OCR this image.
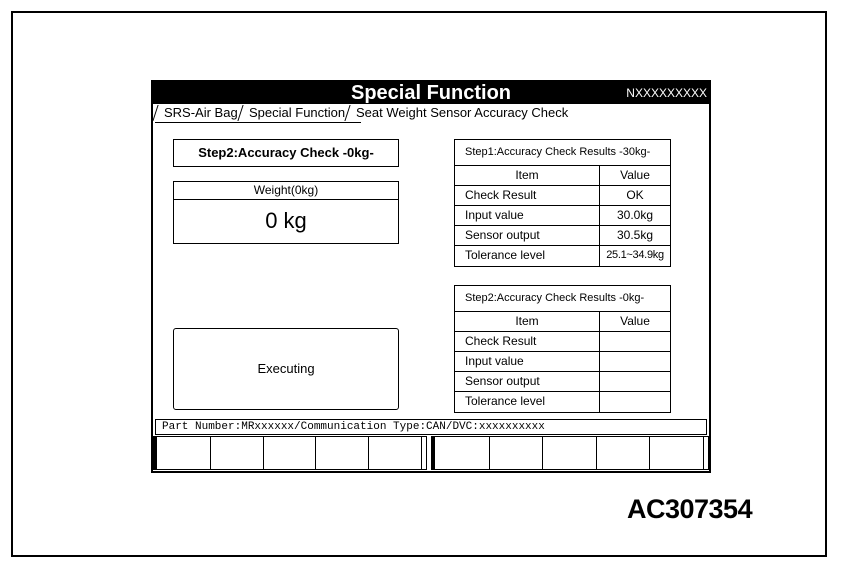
Special Function	NXXXXXXXXX
SRS-Air Bag Special Function Seat Weight Sensor Accuracy Check
Step2:Accuracy Check -0kg-
Weight(0kg)
0 kg
Executing
Step1:Accuracy Check Results -30kg-
Item	Value
Check Result	OK
Input value	30.0kg
Sensor output	30.5kg
Tolerance level	25.1~34.9kg
Step2:Accuracy Check Results -0kg-
Item	Value
Check Result
Input value
Sensor output
Tolerance level
Part Number:MRxxxxxx/Communication Type:CAN/DVC:xxxxxxxxxx
AC307354
